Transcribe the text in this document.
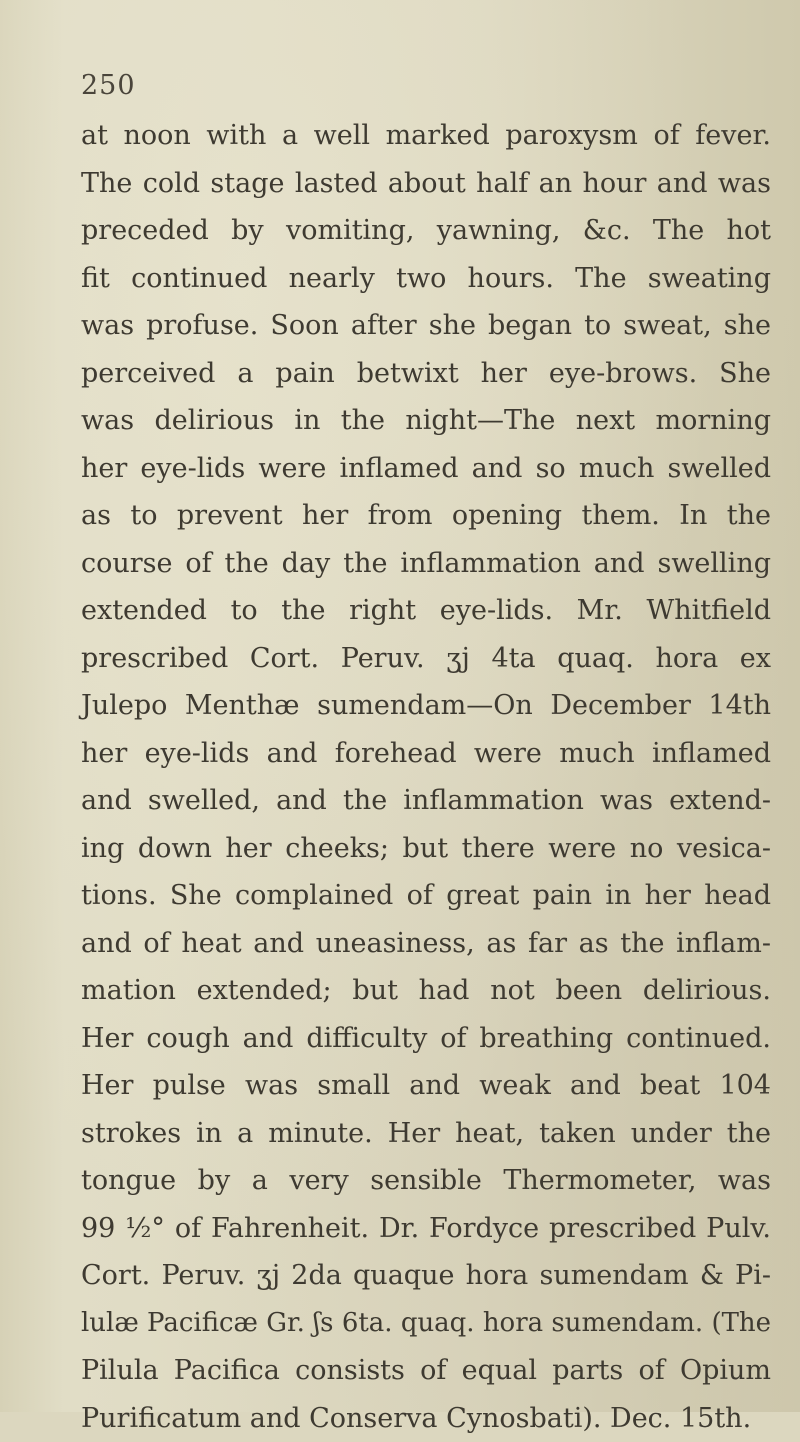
250
at noon with a well marked paroxysm of fever.
The cold stage lasted about half an hour and was
preceded by vomiting, yawning, &c. The hot
fit continued nearly two hours. The sweating
was profuse. Soon after she began to sweat, she
perceived a pain betwixt her eye-brows. She
was delirious in the night—The next morning
her eye-lids were inflamed and so much swelled
as to prevent her from opening them. In the
course of the day the inflammation and swelling
extended to the right eye-lids. Mr. Whitfield
prescribed Cort. Peruv. ʒj 4ta quaq. hora ex
Julepo Menthæ sumendam—On December 14th
her eye-lids and forehead were much inflamed
and swelled, and the inflammation was extend-
ing down her cheeks; but there were no vesica-
tions. She complained of great pain in her head
and of heat and uneasiness, as far as the inflam-
mation extended; but had not been delirious.
Her cough and difficulty of breathing continued.
Her pulse was small and weak and beat 104
strokes in a minute. Her heat, taken under the
tongue by a very sensible Thermometer, was
99 ½° of Fahrenheit. Dr. Fordyce prescribed Pulv.
Cort. Peruv. ʒj 2da quaque hora sumendam & Pi-
lulæ Pacificæ Gr. ʃs 6ta. quaq. hora sumendam. (The
Pilula Pacifica consists of equal parts of Opium
Purificatum and Conserva Cynosbati). Dec. 15th.
